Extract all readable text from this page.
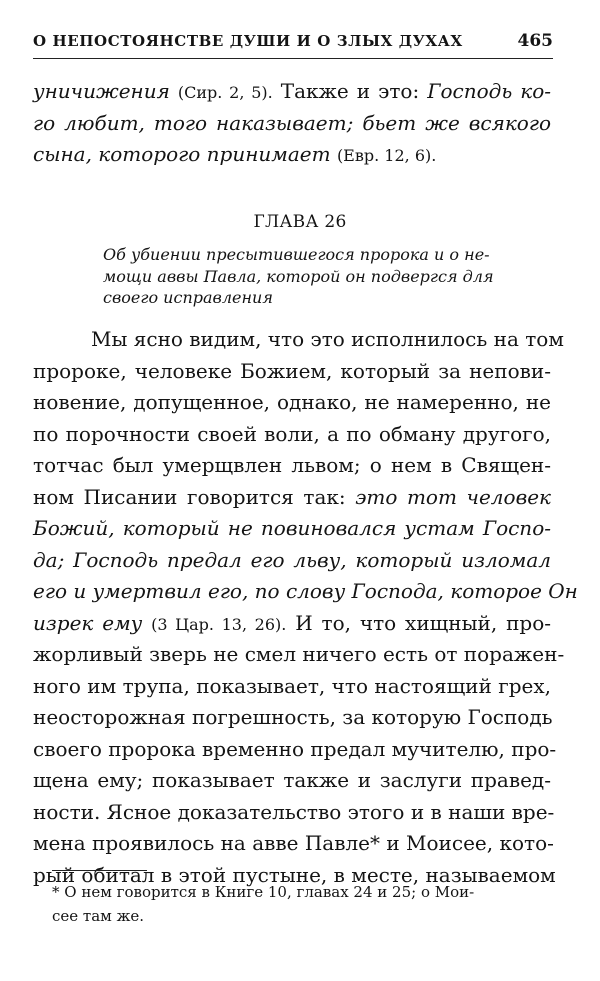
О НЕПОСТОЯНСТВЕ ДУШИ И О ЗЛЫХ ДУХАХ	465
уничижения (Сир. 2, 5). Также и это: Господь ко-
го любит, того наказывает; бьет же всякого
сына, которого принимает (Евр. 12, 6).
ГЛАВА 26
Об убиении пресытившегося пророка и о не-
мощи аввы Павла, которой он подвергся для
своего исправления
Мы ясно видим, что это исполнилось на том
пророке, человеке Божием, который за непови-
новение, допущенное, однако, не намеренно, не
по порочности своей воли, а по обману другого,
тотчас был умерщвлен львом; о нем в Священ-
ном Писании говорится так: это тот человек
Божий, который не повиновался устам Госпо-
да; Господь предал его льву, который изломал
его и умертвил его, по слову Господа, которое Он
изрек ему (3 Цар. 13, 26). И то, что хищный, про-
жорливый зверь не смел ничего есть от поражен-
ного им трупа, показывает, что настоящий грех,
неосторожная погрешность, за которую Господь
своего пророка временно предал мучителю, про-
щена ему; показывает также и заслуги правед-
ности. Ясное доказательство этого и в наши вре-
мена проявилось на авве Павле* и Моисее, кото-
рый обитал в этой пустыне, в месте, называемом
* О нем говорится в Книге 10, главах 24 и 25; о Мои-
сее там же.
